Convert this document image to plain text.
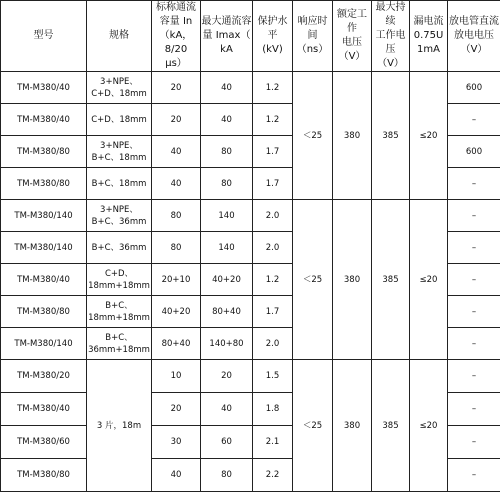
型号	规格	标称通流
容量 In
（kA，8/20
μs）	最大通流容
量 Imax（ kA	保护水平
(kV)	响应时间
（ns）	额定工作
电压
（V）	最大持续
工作电压
（V）	漏电流
0.75U
1mA	放电管直流
放电电压
（V）

TM-M380/40	3+NPE、C+D、18mm	20	40	1.2	＜25	380	385	≤20	600
TM-M380/40	C+D、18mm	20	40	1.2					–
TM-M380/80	3+NPE、B+C、18mm	40	80	1.7					600
TM-M380/80	B+C、18mm	40	80	1.7					–
TM-M380/140	3+NPE、B+C、36mm	80	140	2.0	＜25	380	385	≤20	–
TM-M380/140	B+C、36mm	80	140	2.0					–
TM-M380/40	C+D、18mm+18mm	20+10	40+20	1.2					–
TM-M380/80	B+C、18mm+18mm	40+20	80+40	1.7					–
TM-M380/140	B+C、36mm+18mm	80+40	140+80	2.0					–
TM-M380/20	3 片，18m	10	20	1.5	＜25	380	385	≤20	–
TM-M380/40		20	40	1.8					–
TM-M380/60		30	60	2.1					–
TM-M380/80		40	80	2.2					–
